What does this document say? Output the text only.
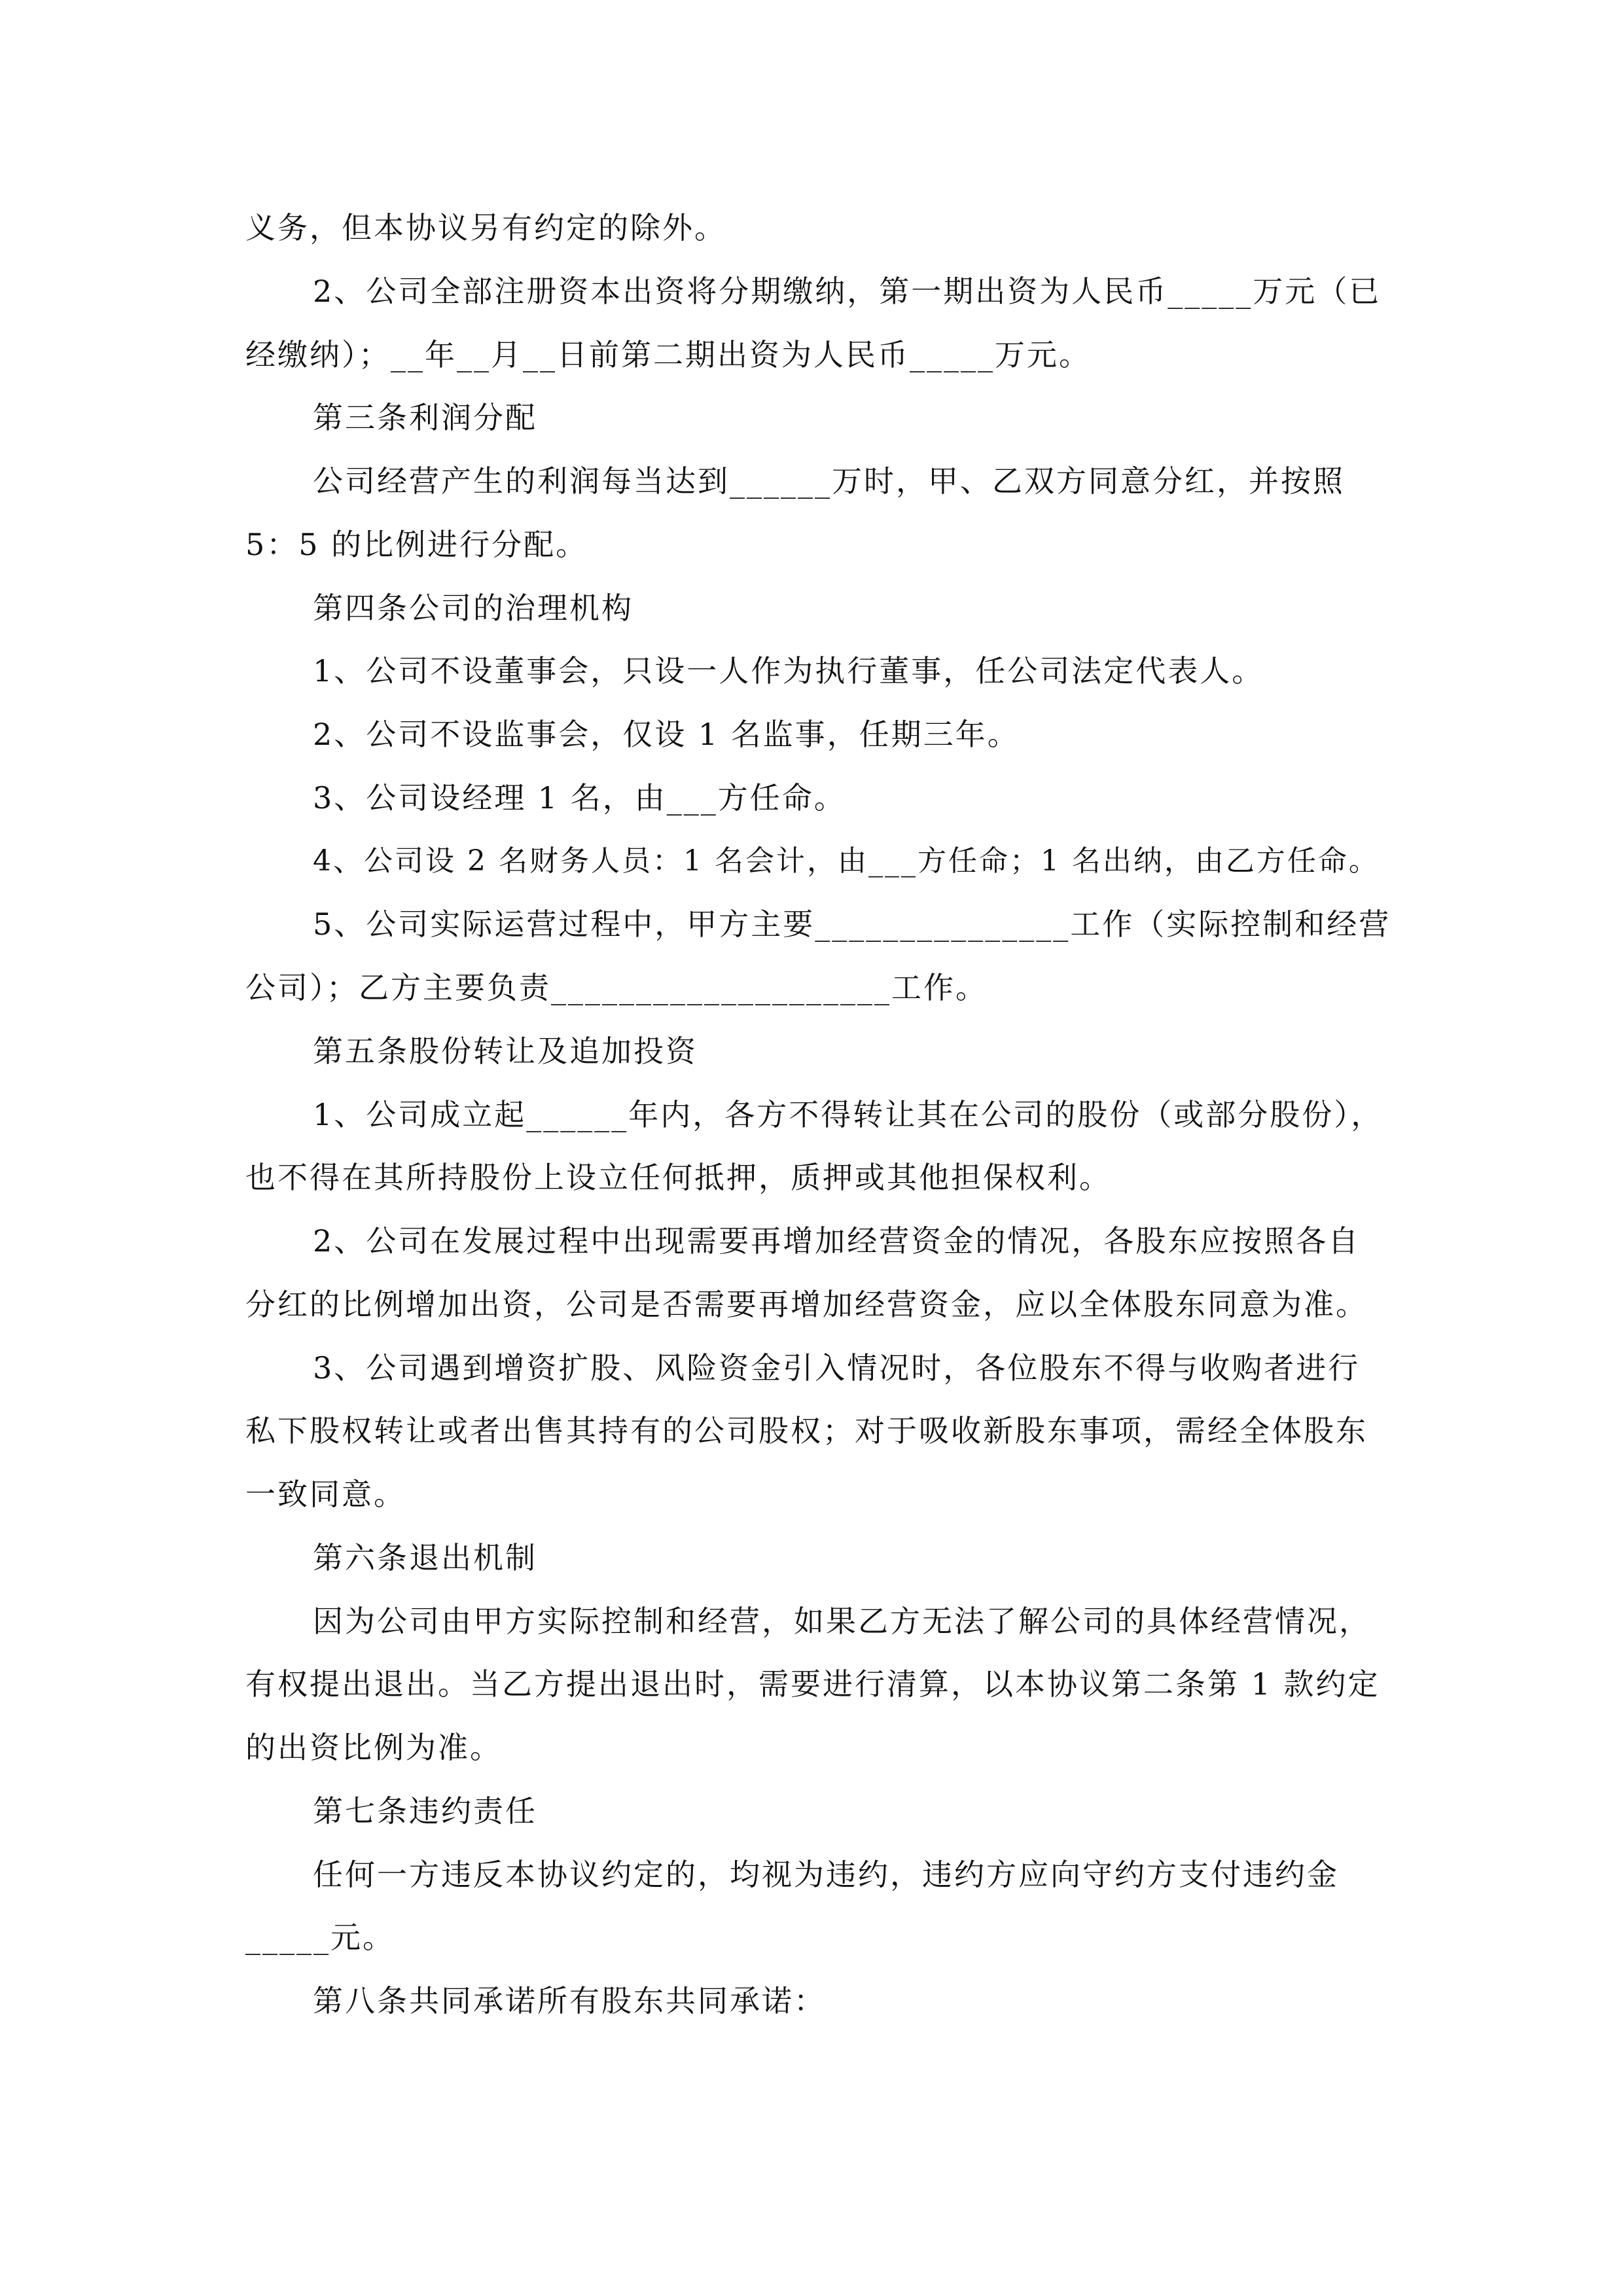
义务，但本协议另有约定的除外。
2、公司全部注册资本出资将分期缴纳，第一期出资为人民币_____万元（已
经缴纳）；__年__月__日前第二期出资为人民币_____万元。
第三条利润分配
公司经营产生的利润每当达到______万时，甲、乙双方同意分红，并按照
5：5 的比例进行分配。
第四条公司的治理机构
1、公司不设董事会，只设一人作为执行董事，任公司法定代表人。
2、公司不设监事会，仅设 1 名监事，任期三年。
3、公司设经理 1 名，由___方任命。
4、公司设 2 名财务人员：1 名会计，由___方任命；1 名出纳，由乙方任命。
5、公司实际运营过程中，甲方主要_______________工作（实际控制和经营
公司）；乙方主要负责____________________工作。
第五条股份转让及追加投资
1、公司成立起______年内，各方不得转让其在公司的股份（或部分股份），
也不得在其所持股份上设立任何抵押，质押或其他担保权利。
2、公司在发展过程中出现需要再增加经营资金的情况，各股东应按照各自
分红的比例增加出资，公司是否需要再增加经营资金，应以全体股东同意为准。
3、公司遇到增资扩股、风险资金引入情况时，各位股东不得与收购者进行
私下股权转让或者出售其持有的公司股权；对于吸收新股东事项，需经全体股东
一致同意。
第六条退出机制
因为公司由甲方实际控制和经营，如果乙方无法了解公司的具体经营情况，
有权提出退出。当乙方提出退出时，需要进行清算，以本协议第二条第 1 款约定
的出资比例为准。
第七条违约责任
任何一方违反本协议约定的，均视为违约，违约方应向守约方支付违约金
_____元。
第八条共同承诺所有股东共同承诺：
